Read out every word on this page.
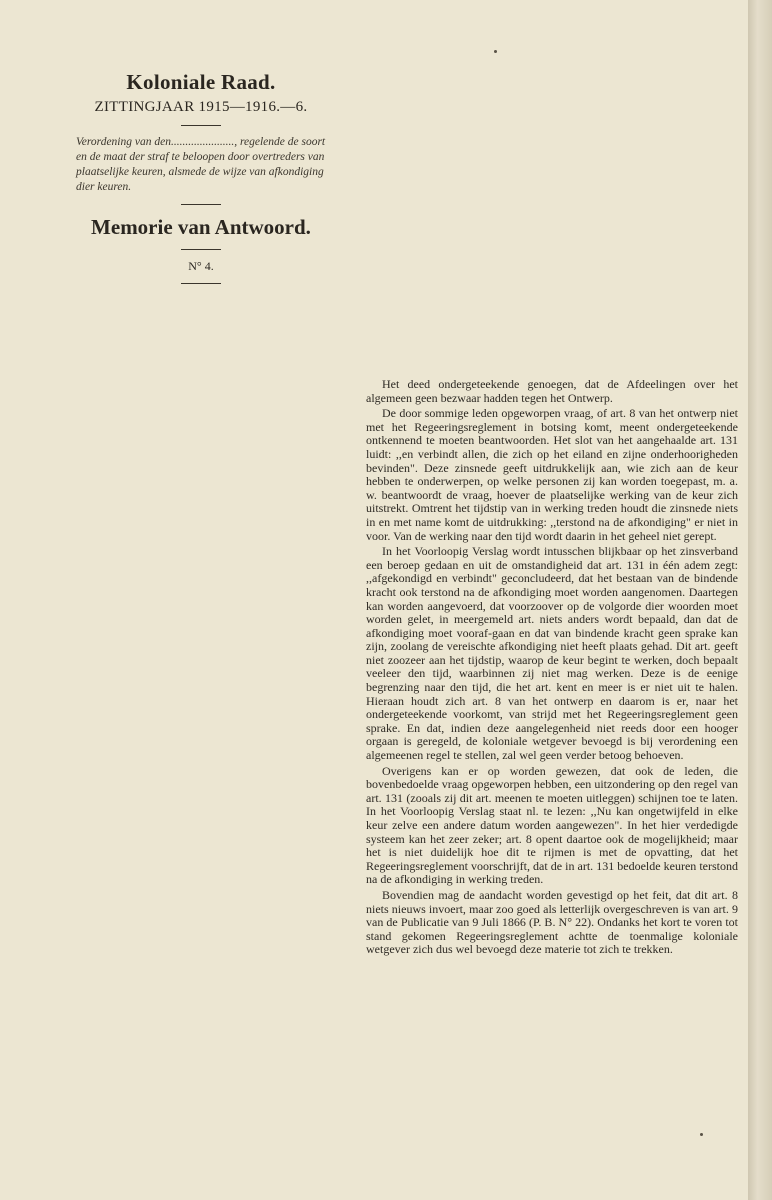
Koloniale Raad.
ZITTINGJAAR 1915—1916.—6.
Verordening van den......................, regelende de soort en de maat der straf te beloopen door overtreders van plaatselijke keuren, alsmede de wijze van afkondiging dier keuren.
Memorie van Antwoord.
N° 4.

Het deed ondergeteekende genoegen, dat de Afdeelingen over het algemeen geen bezwaar hadden tegen het Ontwerp.

De door sommige leden opgeworpen vraag, of art. 8 van het ontwerp niet met het Regeeringsreglement in botsing komt, meent ondergeteekende ontkennend te moeten beantwoorden. Het slot van het aangehaalde art. 131 luidt: ,,en verbindt allen, die zich op het eiland en zijne onderhoorigheden bevinden". Deze zinsnede geeft uitdrukkelijk aan, wie zich aan de keur hebben te onderwerpen, op welke personen zij kan worden toegepast, m. a. w. beantwoordt de vraag, hoever de plaatselijke werking van de keur zich uitstrekt. Omtrent het tijdstip van in werking treden houdt die zinsnede niets in en met name komt de uitdrukking: ,,terstond na de afkondiging" er niet in voor. Van de werking naar den tijd wordt daarin in het geheel niet gerept.

In het Voorloopig Verslag wordt intusschen blijkbaar op het zinsverband een beroep gedaan en uit de omstandigheid dat art. 131 in één adem zegt: ,,afgekondigd en verbindt" geconcludeerd, dat het bestaan van de bindende kracht ook terstond na de afkondiging moet worden aangenomen. Daartegen kan worden aangevoerd, dat voorzoover op de volgorde dier woorden moet worden gelet, in meergemeld art. niets anders wordt bepaald, dan dat de afkondiging moet vooraf-gaan en dat van bindende kracht geen sprake kan zijn, zoolang de vereischte afkondiging niet heeft plaats gehad. Dit art. geeft niet zoozeer aan het tijdstip, waarop de keur begint te werken, doch bepaalt veeleer den tijd, waarbinnen zij niet mag werken. Deze is de eenige begrenzing naar den tijd, die het art. kent en meer is er niet uit te halen. Hieraan houdt zich art. 8 van het ontwerp en daarom is er, naar het ondergeteekende voorkomt, van strijd met het Regeeringsreglement geen sprake. En dat, indien deze aangelegenheid niet reeds door een hooger orgaan is geregeld, de koloniale wetgever bevoegd is bij verordening een algemeenen regel te stellen, zal wel geen verder betoog behoeven.

Overigens kan er op worden gewezen, dat ook de leden, die bovenbedoelde vraag opgeworpen hebben, een uitzondering op den regel van art. 131 (zooals zij dit art. meenen te moeten uitleggen) schijnen toe te laten. In het Voorloopig Verslag staat nl. te lezen: ,,Nu kan ongetwijfeld in elke keur zelve een andere datum worden aangewezen". In het hier verdedigde systeem kan het zeer zeker; art. 8 opent daartoe ook de mogelijkheid; maar het is niet duidelijk hoe dit te rijmen is met de opvatting, dat het Regeeringsreglement voorschrijft, dat de in art. 131 bedoelde keuren terstond na de afkondiging in werking treden.

Bovendien mag de aandacht worden gevestigd op het feit, dat dit art. 8 niets nieuws invoert, maar zoo goed als letterlijk overgeschreven is van art. 9 van de Publicatie van 9 Juli 1866 (P. B. N° 22). Ondanks het kort te voren tot stand gekomen Regeeringsreglement achtte de toenmalige koloniale wetgever zich dus wel bevoegd deze materie tot zich te trekken.
